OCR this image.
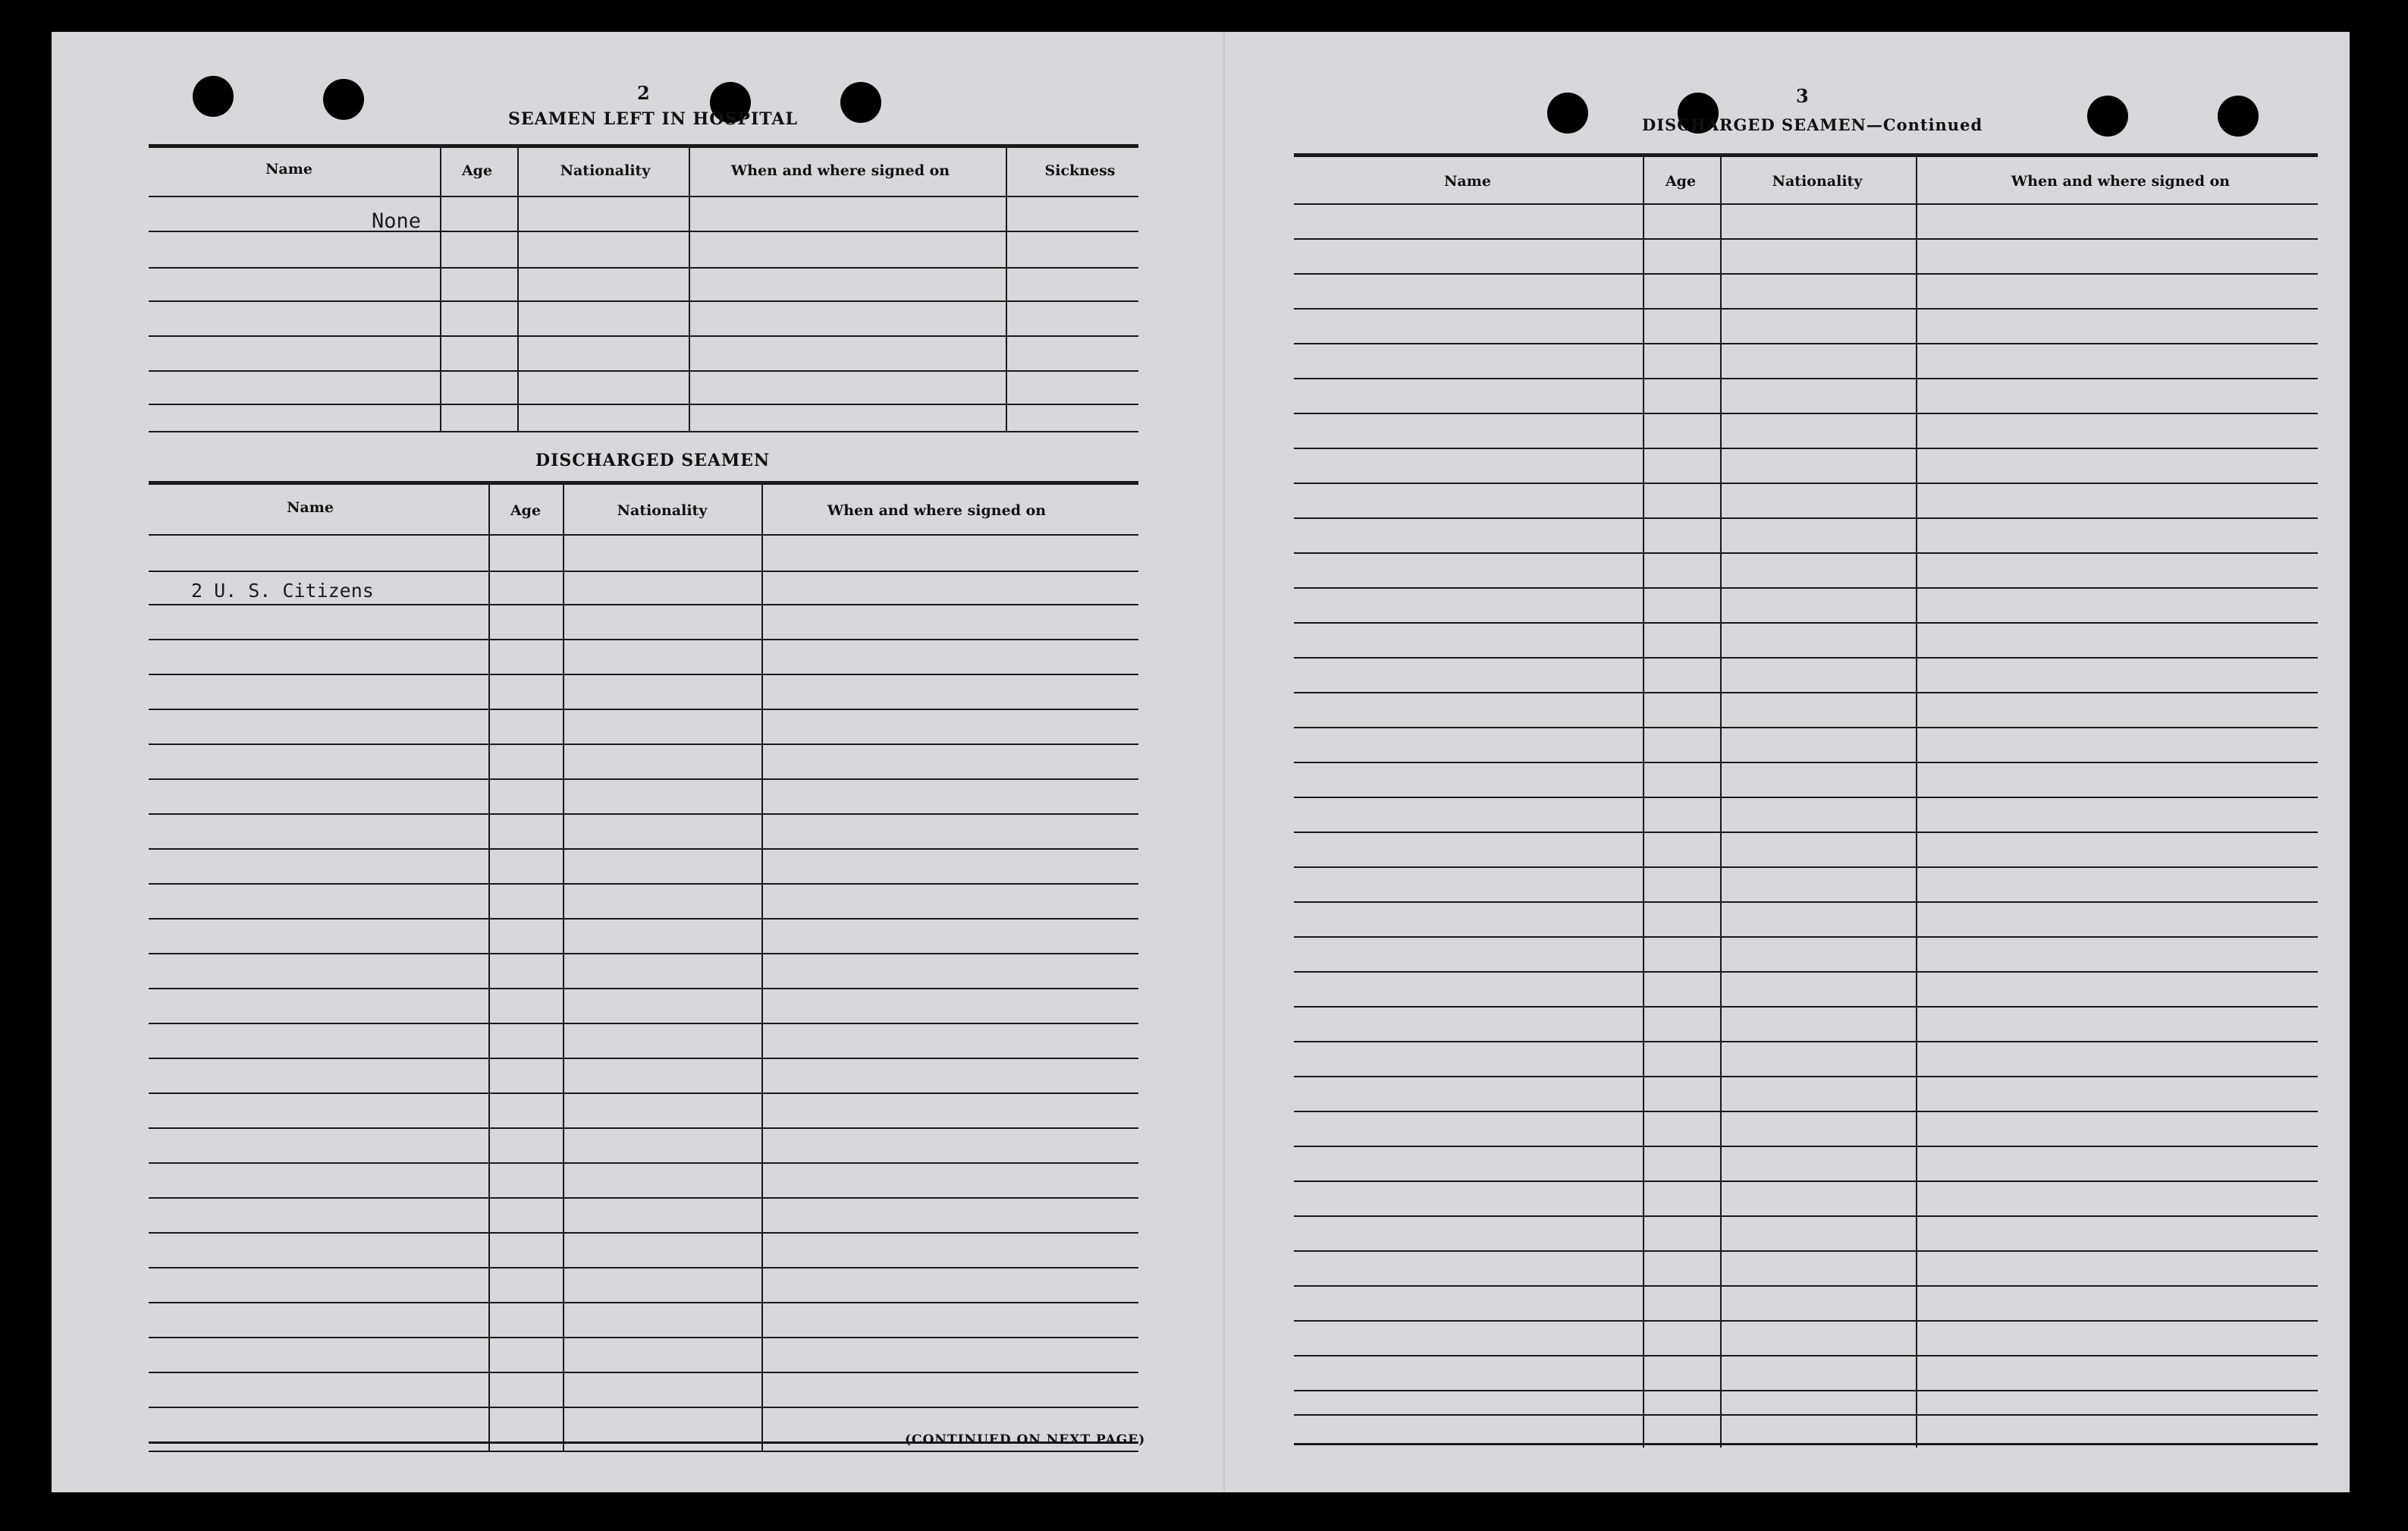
2
SEAMEN LEFT IN HOSPITAL
Name	Age	Nationality	When and where signed on	Sickness
None
DISCHARGED SEAMEN
Name	Age	Nationality	When and where signed on
2 U. S. Citizens
(CONTINUED ON NEXT PAGE)
3
DISCHARGED SEAMEN—Continued
Name	Age	Nationality	When and where signed on
